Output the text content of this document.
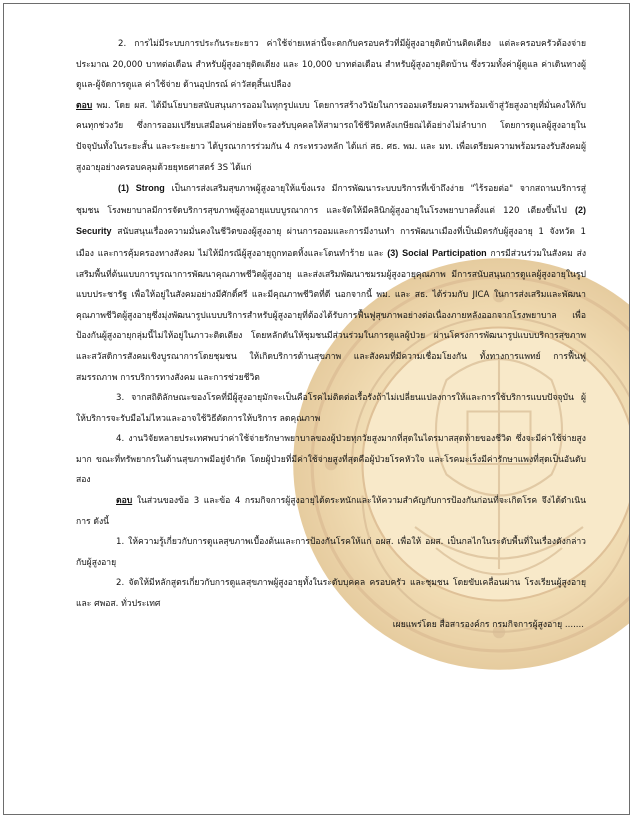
2. การไม่มีระบบการประกันระยะยาว ค่าใช้จ่ายเหล่านี้จะตกกับครอบครัวที่มีผู้สูงอายุติดบ้านติดเตียง แต่ละครอบครัวต้องจ่ายประมาณ 20,000 บาทต่อเดือน สำหรับผู้สูงอายุติดเตียง และ 10,000 บาทต่อเดือน สำหรับผู้สูงอายุติดบ้าน ซึ่งรวมทั้งค่าผู้ดูแล ค่าเดินทางผู้ดูแล-ผู้จัดการดูแล ค่าใช้จ่าย ด้านอุปกรณ์ ค่าวัสดุสิ้นเปลือง

ตอบ พม. โดย ผส. ได้มีนโยบายสนับสนุนการออมในทุกรูปแบบ โดยการสร้างวินัยในการออมเตรียมความพร้อมเข้าสู่วัยสูงอายุที่มั่นคงให้กับคนทุกช่วงวัย ซึ่งการออมเปรียบเสมือนค่าย่อยที่จะรองรับบุคคลให้สามารถใช้ชีวิตหลังเกษียณได้อย่างไม่ลำบาก โดยการดูแลผู้สูงอายุในปัจจุบันทั้งในระยะสั้น และระยะยาว ได้บูรณาการร่วมกัน 4 กระทรวงหลัก ได้แก่ สธ. ศธ. พม. และ มท. เพื่อเตรียมความพร้อมรองรับสังคมผู้สูงอายุอย่างครอบคลุมด้วยยุทธศาสตร์ 3S ได้แก่

(1) Strong เป็นการส่งเสริมสุขภาพผู้สูงอายุให้แข็งแรง มีการพัฒนาระบบบริการที่เข้าถึงง่าย "ไร้รอยต่อ" จากสถานบริการสู่ชุมชน โรงพยาบาลมีการจัดบริการสุขภาพผู้สูงอายุแบบบูรณาการ และจัดให้มีคลินิกผู้สูงอายุในโรงพยาบาลตั้งแต่ 120 เตียงขึ้นไป (2) Security สนับสนุนเรื่องความมั่นคงในชีวิตของผู้สูงอายุ ผ่านการออมและการมีงานทำ การพัฒนาเมืองที่เป็นมิตรกับผู้สูงอายุ 1 จังหวัด 1 เมือง และการคุ้มครองทางสังคม ไม่ให้มีกรณีผู้สูงอายุถูกทอดทิ้งและโดนทำร้าย และ (3) Social Participation การมีส่วนร่วมในสังคม ส่งเสริมพื้นที่ต้นแบบการบูรณาการพัฒนาคุณภาพชีวิตผู้สูงอายุ และส่งเสริมพัฒนาชมรมผู้สูงอายุคุณภาพ มีการสนับสนุนการดูแลผู้สูงอายุในรูปแบบประชารัฐ เพื่อให้อยู่ในสังคมอย่างมีศักดิ์ศรี และมีคุณภาพชีวิตที่ดี นอกจากนี้ พม. และ สธ. ได้ร่วมกับ JICA ในการส่งเสริมและพัฒนาคุณภาพชีวิตผู้สูงอายุซึ่งมุ่งพัฒนารูปแบบบริการสำหรับผู้สูงอายุที่ต้องได้รับการฟื้นฟูสุขภาพอย่างต่อเนื่องภายหลังออกจากโรงพยาบาล เพื่อป้องกันผู้สูงอายุกลุ่มนี้ไม่ให้อยู่ในภาวะติดเตียง โดยหลักดันให้ชุมชนมีส่วนร่วมในการดูแลผู้ป่วย ผ่านโครงการพัฒนารูปแบบบริการสุขภาพและสวัสดิการสังคมเชิงบูรณาการโดยชุมชน ให้เกิดบริการด้านสุขภาพ และสังคมที่มีความเชื่อมโยงกัน ทั้งทางการแพทย์ การฟื้นฟูสมรรถภาพ การบริการทางสังคม และการช่วยชีวิต

3. จากสถิติลักษณะของโรคที่มีผู้สูงอายุมักจะเป็นคือโรคไม่ติดต่อเรื้อรังถ้าไม่เปลี่ยนแปลงการให้และการใช้บริการแบบปัจจุบัน ผู้ให้บริการจะรับมือไม่ไหวและอาจใช้วิธีตัดการให้บริการ ลดคุณภาพ

4. งานวิจัยหลายประเทศพบว่าค่าใช้จ่ายรักษาพยาบาลของผู้ป่วยทุกวัยสูงมากที่สุดในไตรมาสสุดท้ายของชีวิต ซึ่งจะมีค่าใช้จ่ายสูงมาก ขณะที่ทรัพยากรในด้านสุขภาพมีอยู่จำกัด โดยผู้ป่วยที่มีค่าใช้จ่ายสูงที่สุดคือผู้ป่วยโรคหัวใจ และโรคมะเร็งมีค่ารักษาแพงที่สุดเป็นอันดับสอง

ตอบ ในส่วนของข้อ 3 และข้อ 4 กรมกิจการผู้สูงอายุได้ตระหนักและให้ความสำคัญกับการป้องกันก่อนที่จะเกิดโรค จึงได้ดำเนินการ ดังนี้

1. ให้ความรู้เกี่ยวกับการดูแลสุขภาพเบื้องต้นและการป้องกันโรคให้แก่ อผส. เพื่อให้ อผส. เป็นกลไกในระดับพื้นที่ในเรื่องดังกล่าวกับผู้สูงอายุ

2. จัดให้มีหลักสูตรเกี่ยวกับการดูแลสุขภาพผู้สูงอายุทั้งในระดับบุคคล ครอบครัว และชุมชน โดยขับเคลื่อนผ่าน โรงเรียนผู้สูงอายุ และ ศพอส. ทั่วประเทศ

เผยแพร่โดย สื่อสารองค์กร กรมกิจการผู้สูงอายุ .......
